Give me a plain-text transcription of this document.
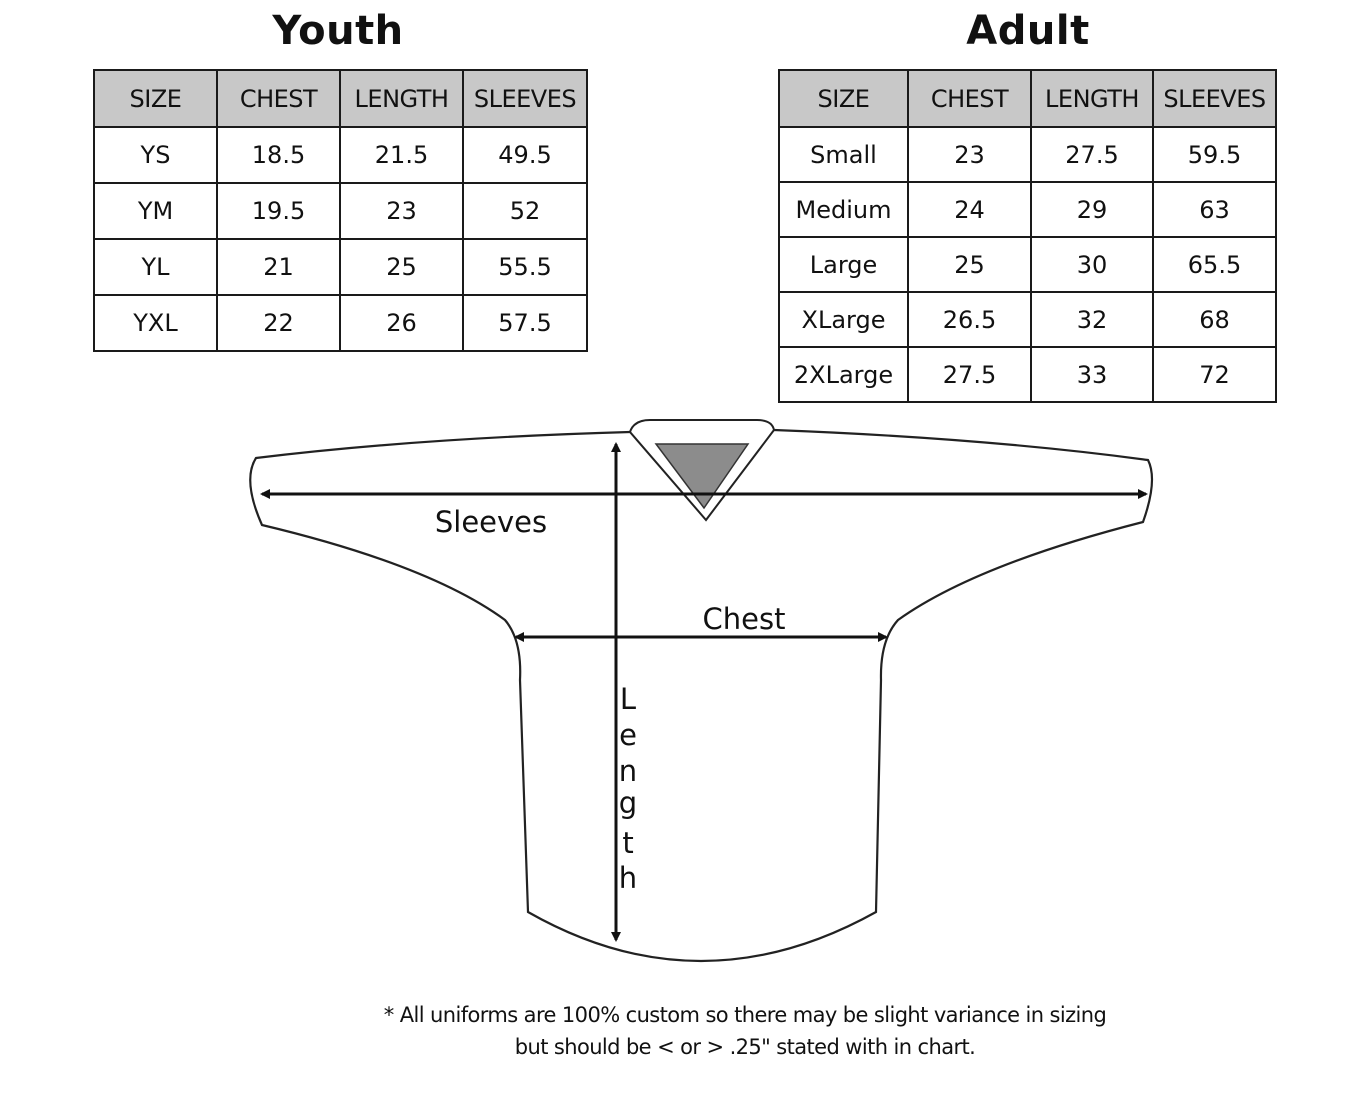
Youth
SIZE	CHEST	LENGTH	SLEEVES
YS	18.5	21.5	49.5
YM	19.5	23	52
YL	21	25	55.5
YXL	22	26	57.5
Adult
SIZE	CHEST	LENGTH	SLEEVES
Small	23	27.5	59.5
Medium	24	29	63
Large	25	30	65.5
XLarge	26.5	32	68
2XLarge	27.5	33	72
Sleeves
Chest
L
e
n
g
t
h

* All uniforms are 100% custom so there may be slight variance in sizing

but should be < or > .25" stated with in chart.
